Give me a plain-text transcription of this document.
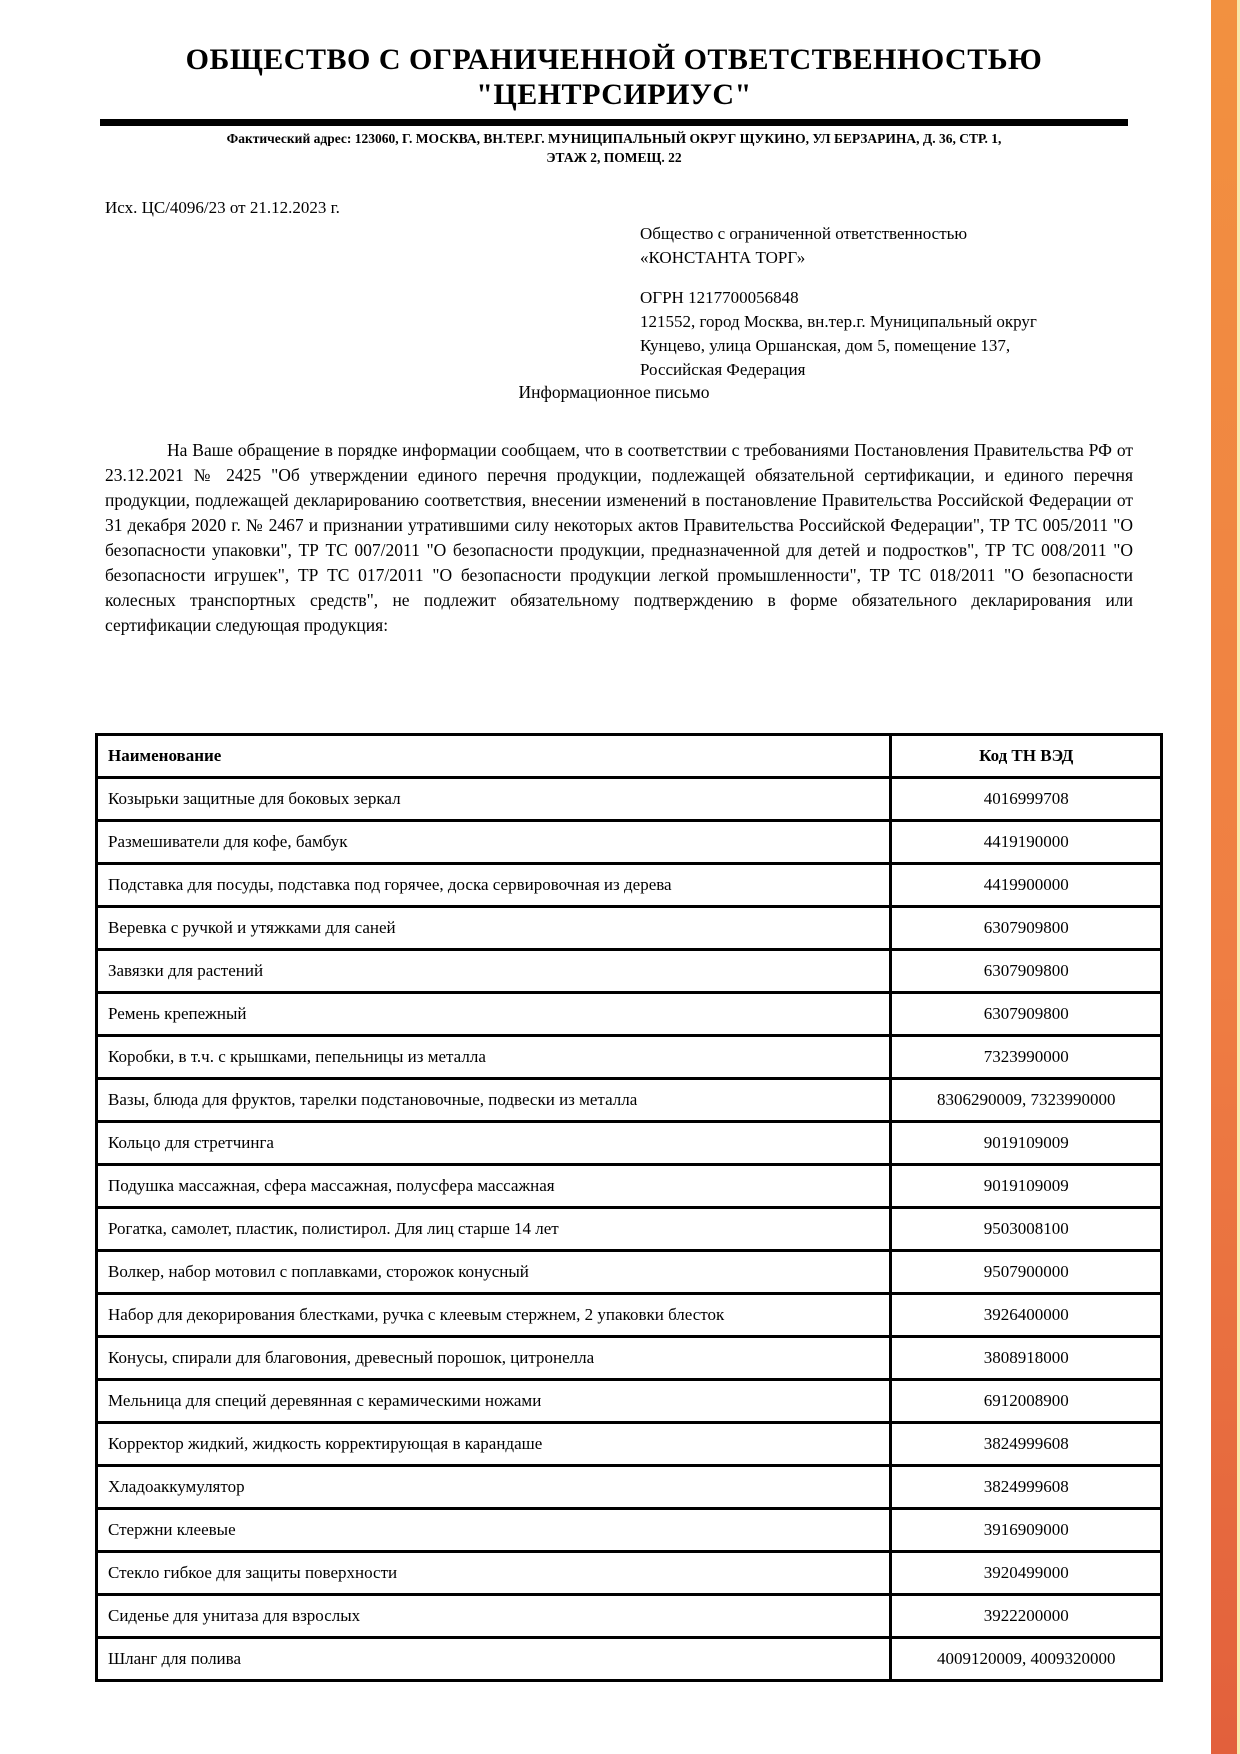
ОБЩЕСТВО С ОГРАНИЧЕННОЙ ОТВЕТСТВЕННОСТЬЮ
"ЦЕНТРСИРИУС"
Фактический адрес: 123060, Г. МОСКВА, ВН.ТЕР.Г. МУНИЦИПАЛЬНЫЙ ОКРУГ ЩУКИНО, УЛ БЕРЗАРИНА, Д. 36, СТР. 1,
ЭТАЖ 2, ПОМЕЩ. 22
Исх. ЦС/4096/23 от 21.12.2023 г.
Общество с ограниченной ответственностью
«КОНСТАНТА ТОРГ»
ОГРН 1217700056848
121552, город Москва, вн.тер.г. Муниципальный округ
Кунцево, улица Оршанская, дом 5, помещение 137,
Российская Федерация
Информационное письмо
На Ваше обращение в порядке информации сообщаем, что в соответствии с требованиями Постановления Правительства РФ от 23.12.2021 № 2425 "Об утверждении единого перечня продукции, подлежащей обязательной сертификации, и единого перечня продукции, подлежащей декларированию соответствия, внесении изменений в постановление Правительства Российской Федерации от 31 декабря 2020 г. № 2467 и признании утратившими силу некоторых актов Правительства Российской Федерации", ТР ТС 005/2011 "О безопасности упаковки", ТР ТС 007/2011 "О безопасности продукции, предназначенной для детей и подростков", ТР ТС 008/2011 "О безопасности игрушек", ТР ТС 017/2011 "О безопасности продукции легкой промышленности", ТР ТС 018/2011 "О безопасности колесных транспортных средств", не подлежит обязательному подтверждению в форме обязательного декларирования или сертификации следующая продукция:
Наименование	Код ТН ВЭД
Козырьки защитные для боковых зеркал	4016999708
Размешиватели для кофе, бамбук	4419190000
Подставка для посуды, подставка под горячее, доска сервировочная из дерева	4419900000
Веревка с ручкой и утяжками для саней	6307909800
Завязки для растений	6307909800
Ремень крепежный	6307909800
Коробки, в т.ч. с крышками, пепельницы из металла	7323990000
Вазы, блюда для фруктов, тарелки подстановочные, подвески из металла	8306290009, 7323990000
Кольцо для стретчинга	9019109009
Подушка массажная, сфера массажная, полусфера массажная	9019109009
Рогатка, самолет, пластик, полистирол. Для лиц старше 14 лет	9503008100
Волкер, набор мотовил с поплавками, сторожок конусный	9507900000
Набор для декорирования блестками, ручка с клеевым стержнем, 2 упаковки блесток	3926400000
Конусы, спирали для благовония, древесный порошок, цитронелла	3808918000
Мельница для специй деревянная с керамическими ножами	6912008900
Корректор жидкий, жидкость корректирующая в карандаше	3824999608
Хладоаккумулятор	3824999608
Стержни клеевые	3916909000
Стекло гибкое для защиты поверхности	3920499000
Сиденье для унитаза для взрослых	3922200000
Шланг для полива	4009120009, 4009320000
